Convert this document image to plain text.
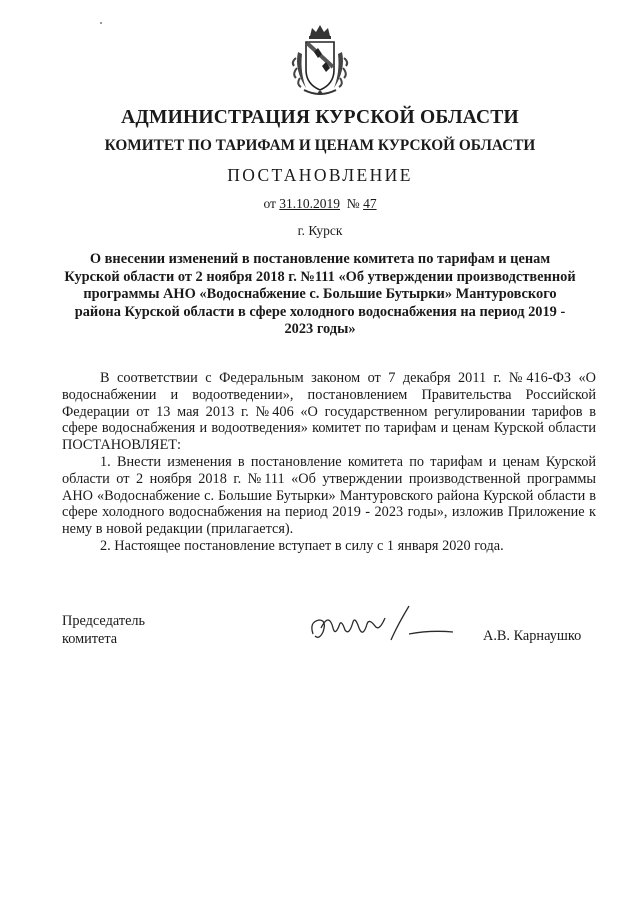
АДМИНИСТРАЦИЯ КУРСКОЙ ОБЛАСТИ
КОМИТЕТ ПО ТАРИФАМ И ЦЕНАМ КУРСКОЙ ОБЛАСТИ
ПОСТАНОВЛЕНИЕ
от 31.10.2019 № 47
г. Курск
О внесении изменений в постановление комитета по тарифам и ценам Курской области от 2 ноября 2018 г. №111 «Об утверждении производственной программы АНО «Водоснабжение с. Большие Бутырки» Мантуровского района Курской области в сфере холодного водоснабжения на период 2019 - 2023 годы»

В соответствии с Федеральным законом от 7 декабря 2011 г. №416-ФЗ «О водоснабжении и водоотведении», постановлением Правительства Российской Федерации от 13 мая 2013 г. №406 «О государственном регулировании тарифов в сфере водоснабжения и водоотведения» комитет по тарифам и ценам Курской области ПОСТАНОВЛЯЕТ:

1. Внести изменения в постановление комитета по тарифам и ценам Курской области от 2 ноября 2018 г. №111 «Об утверждении производственной программы АНО «Водоснабжение с. Большие Бутырки» Мантуровского района Курской области в сфере холодного водоснабжения на период 2019 - 2023 годы», изложив Приложение к нему в новой редакции (прилагается).

2. Настоящее постановление вступает в силу с 1 января 2020 года.

Председатель
комитета	А.В. Карнаушко
